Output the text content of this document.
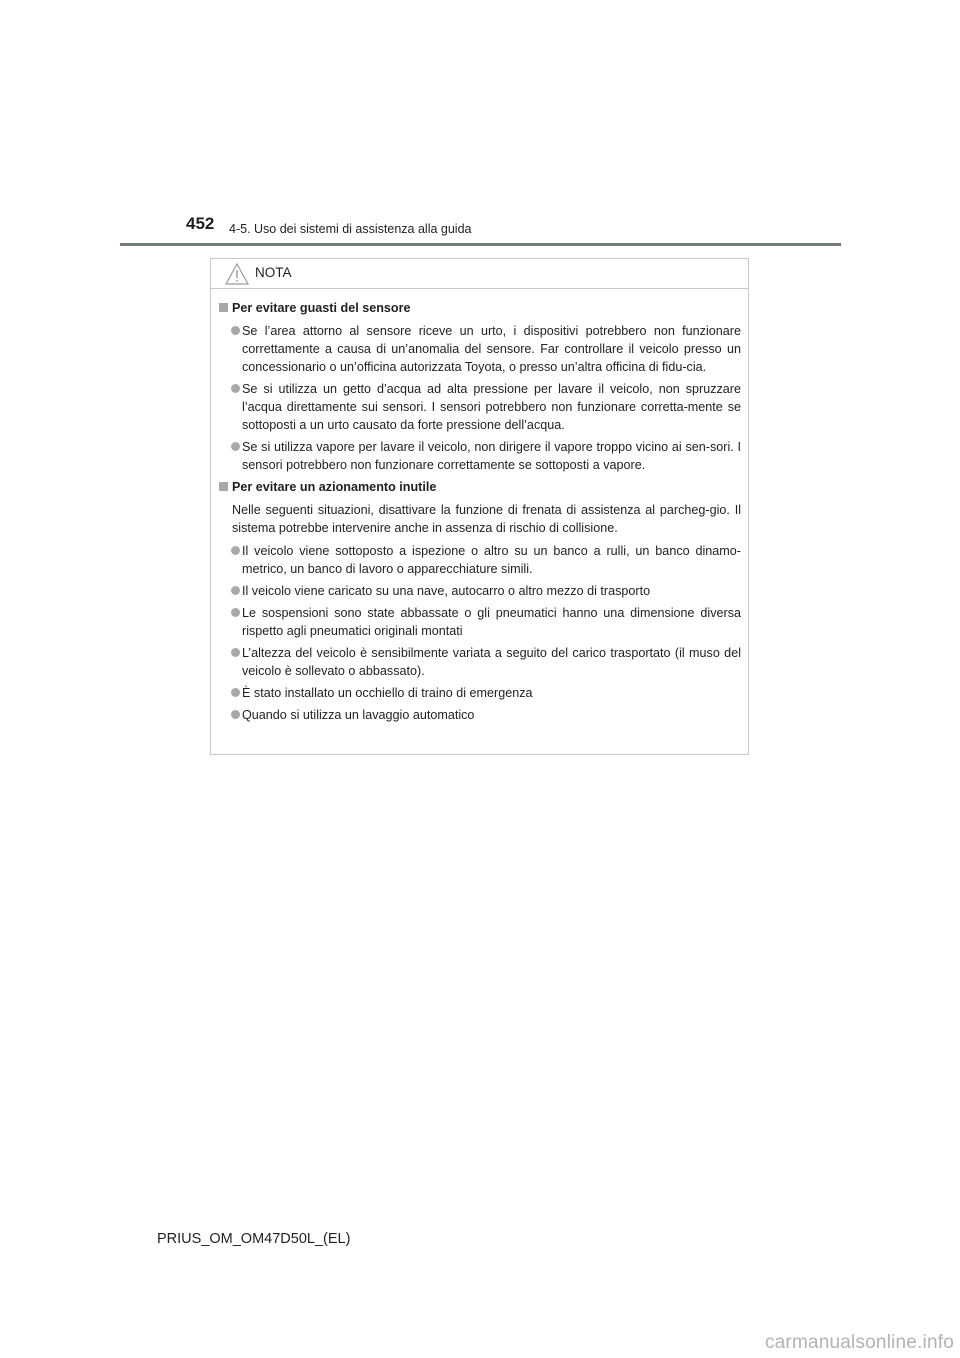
452 4-5. Uso dei sistemi di assistenza alla guida
NOTA
Per evitare guasti del sensore
Se l’area attorno al sensore riceve un urto, i dispositivi potrebbero non funzionare correttamente a causa di un’anomalia del sensore. Far controllare il veicolo presso un concessionario o un’officina autorizzata Toyota, o presso un’altra officina di fidu-cia.
Se si utilizza un getto d’acqua ad alta pressione per lavare il veicolo, non spruzzare l’acqua direttamente sui sensori. I sensori potrebbero non funzionare corretta-mente se sottoposti a un urto causato da forte pressione dell’acqua.
Se si utilizza vapore per lavare il veicolo, non dirigere il vapore troppo vicino ai sen-sori. I sensori potrebbero non funzionare correttamente se sottoposti a vapore.
Per evitare un azionamento inutile
Nelle seguenti situazioni, disattivare la funzione di frenata di assistenza al parcheg-gio. Il sistema potrebbe intervenire anche in assenza di rischio di collisione.
Il veicolo viene sottoposto a ispezione o altro su un banco a rulli, un banco dinamo-metrico, un banco di lavoro o apparecchiature simili.
Il veicolo viene caricato su una nave, autocarro o altro mezzo di trasporto
Le sospensioni sono state abbassate o gli pneumatici hanno una dimensione diversa rispetto agli pneumatici originali montati
L’altezza del veicolo è sensibilmente variata a seguito del carico trasportato (il muso del veicolo è sollevato o abbassato).
È stato installato un occhiello di traino di emergenza
Quando si utilizza un lavaggio automatico
PRIUS_OM_OM47D50L_(EL)
carmanualsonline.info
